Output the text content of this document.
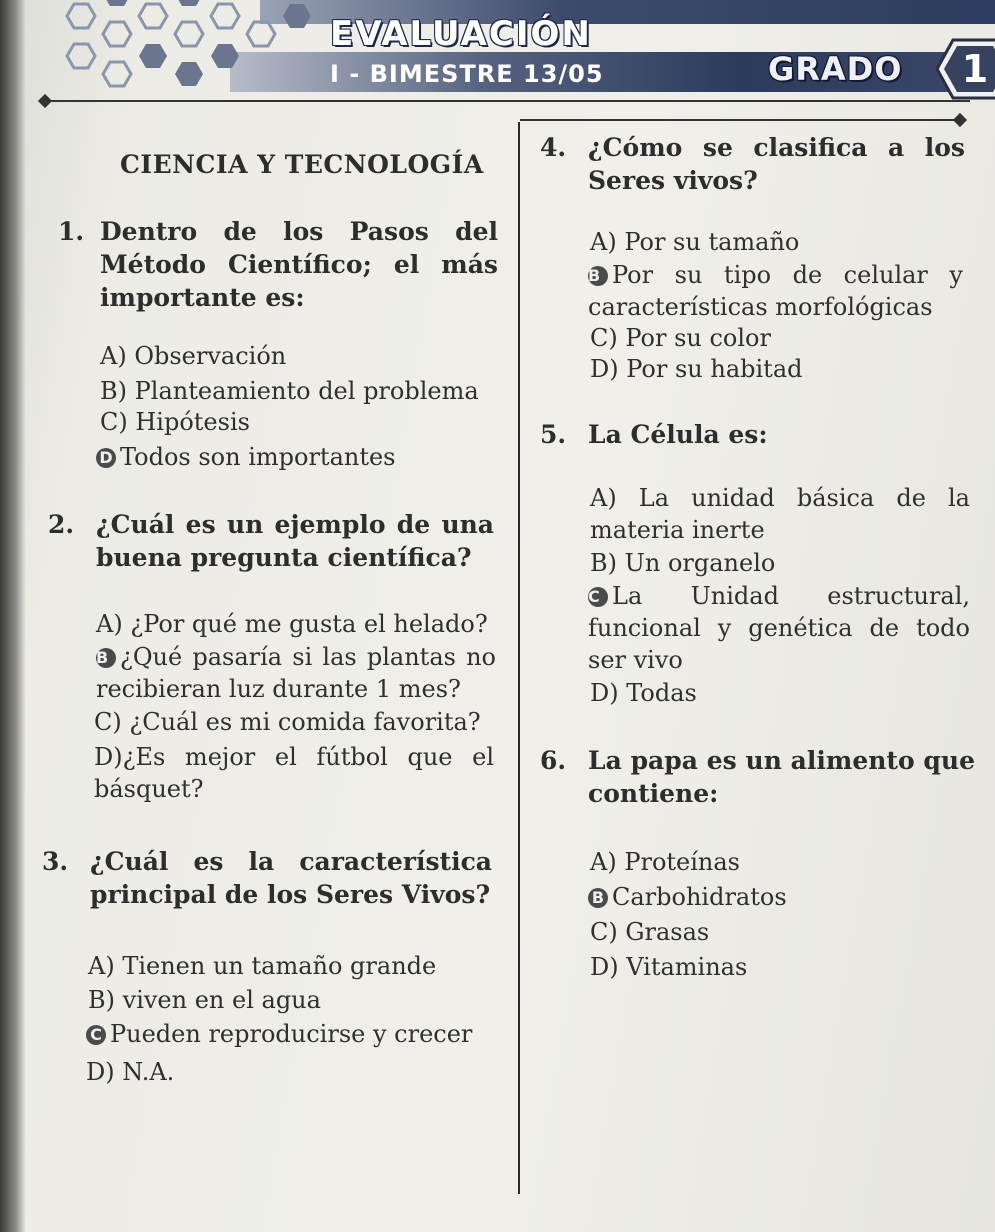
EVALUACIÓN
I - BIMESTRE 13/05	GRADO	1
CIENCIA Y TECNOLOGÍA
1. Dentro de los Pasos del Método Científico; el más importante es:
A) Observación
B) Planteamiento del problema
C) Hipótesis
D Todos son importantes
2. ¿Cuál es un ejemplo de una buena pregunta científica?
A) ¿Por qué me gusta el helado?
B ¿Qué pasaría si las plantas no recibieran luz durante 1 mes?
C) ¿Cuál es mi comida favorita?
D)¿Es mejor el fútbol que el básquet?
3. ¿Cuál es la característica principal de los Seres Vivos?
A) Tienen un tamaño grande
B) viven en el agua
C Pueden reproducirse y crecer
D) N.A.
4. ¿Cómo se clasifica a los Seres vivos?
A) Por su tamaño
B Por su tipo de celular y características morfológicas
C) Por su color
D) Por su habitad
5. La Célula es:
A) La unidad básica de la materia inerte
B) Un organelo
C La Unidad estructural, funcional y genética de todo ser vivo
D) Todas
6. La papa es un alimento que contiene:
A) Proteínas
B Carbohidratos
C) Grasas
D) Vitaminas
